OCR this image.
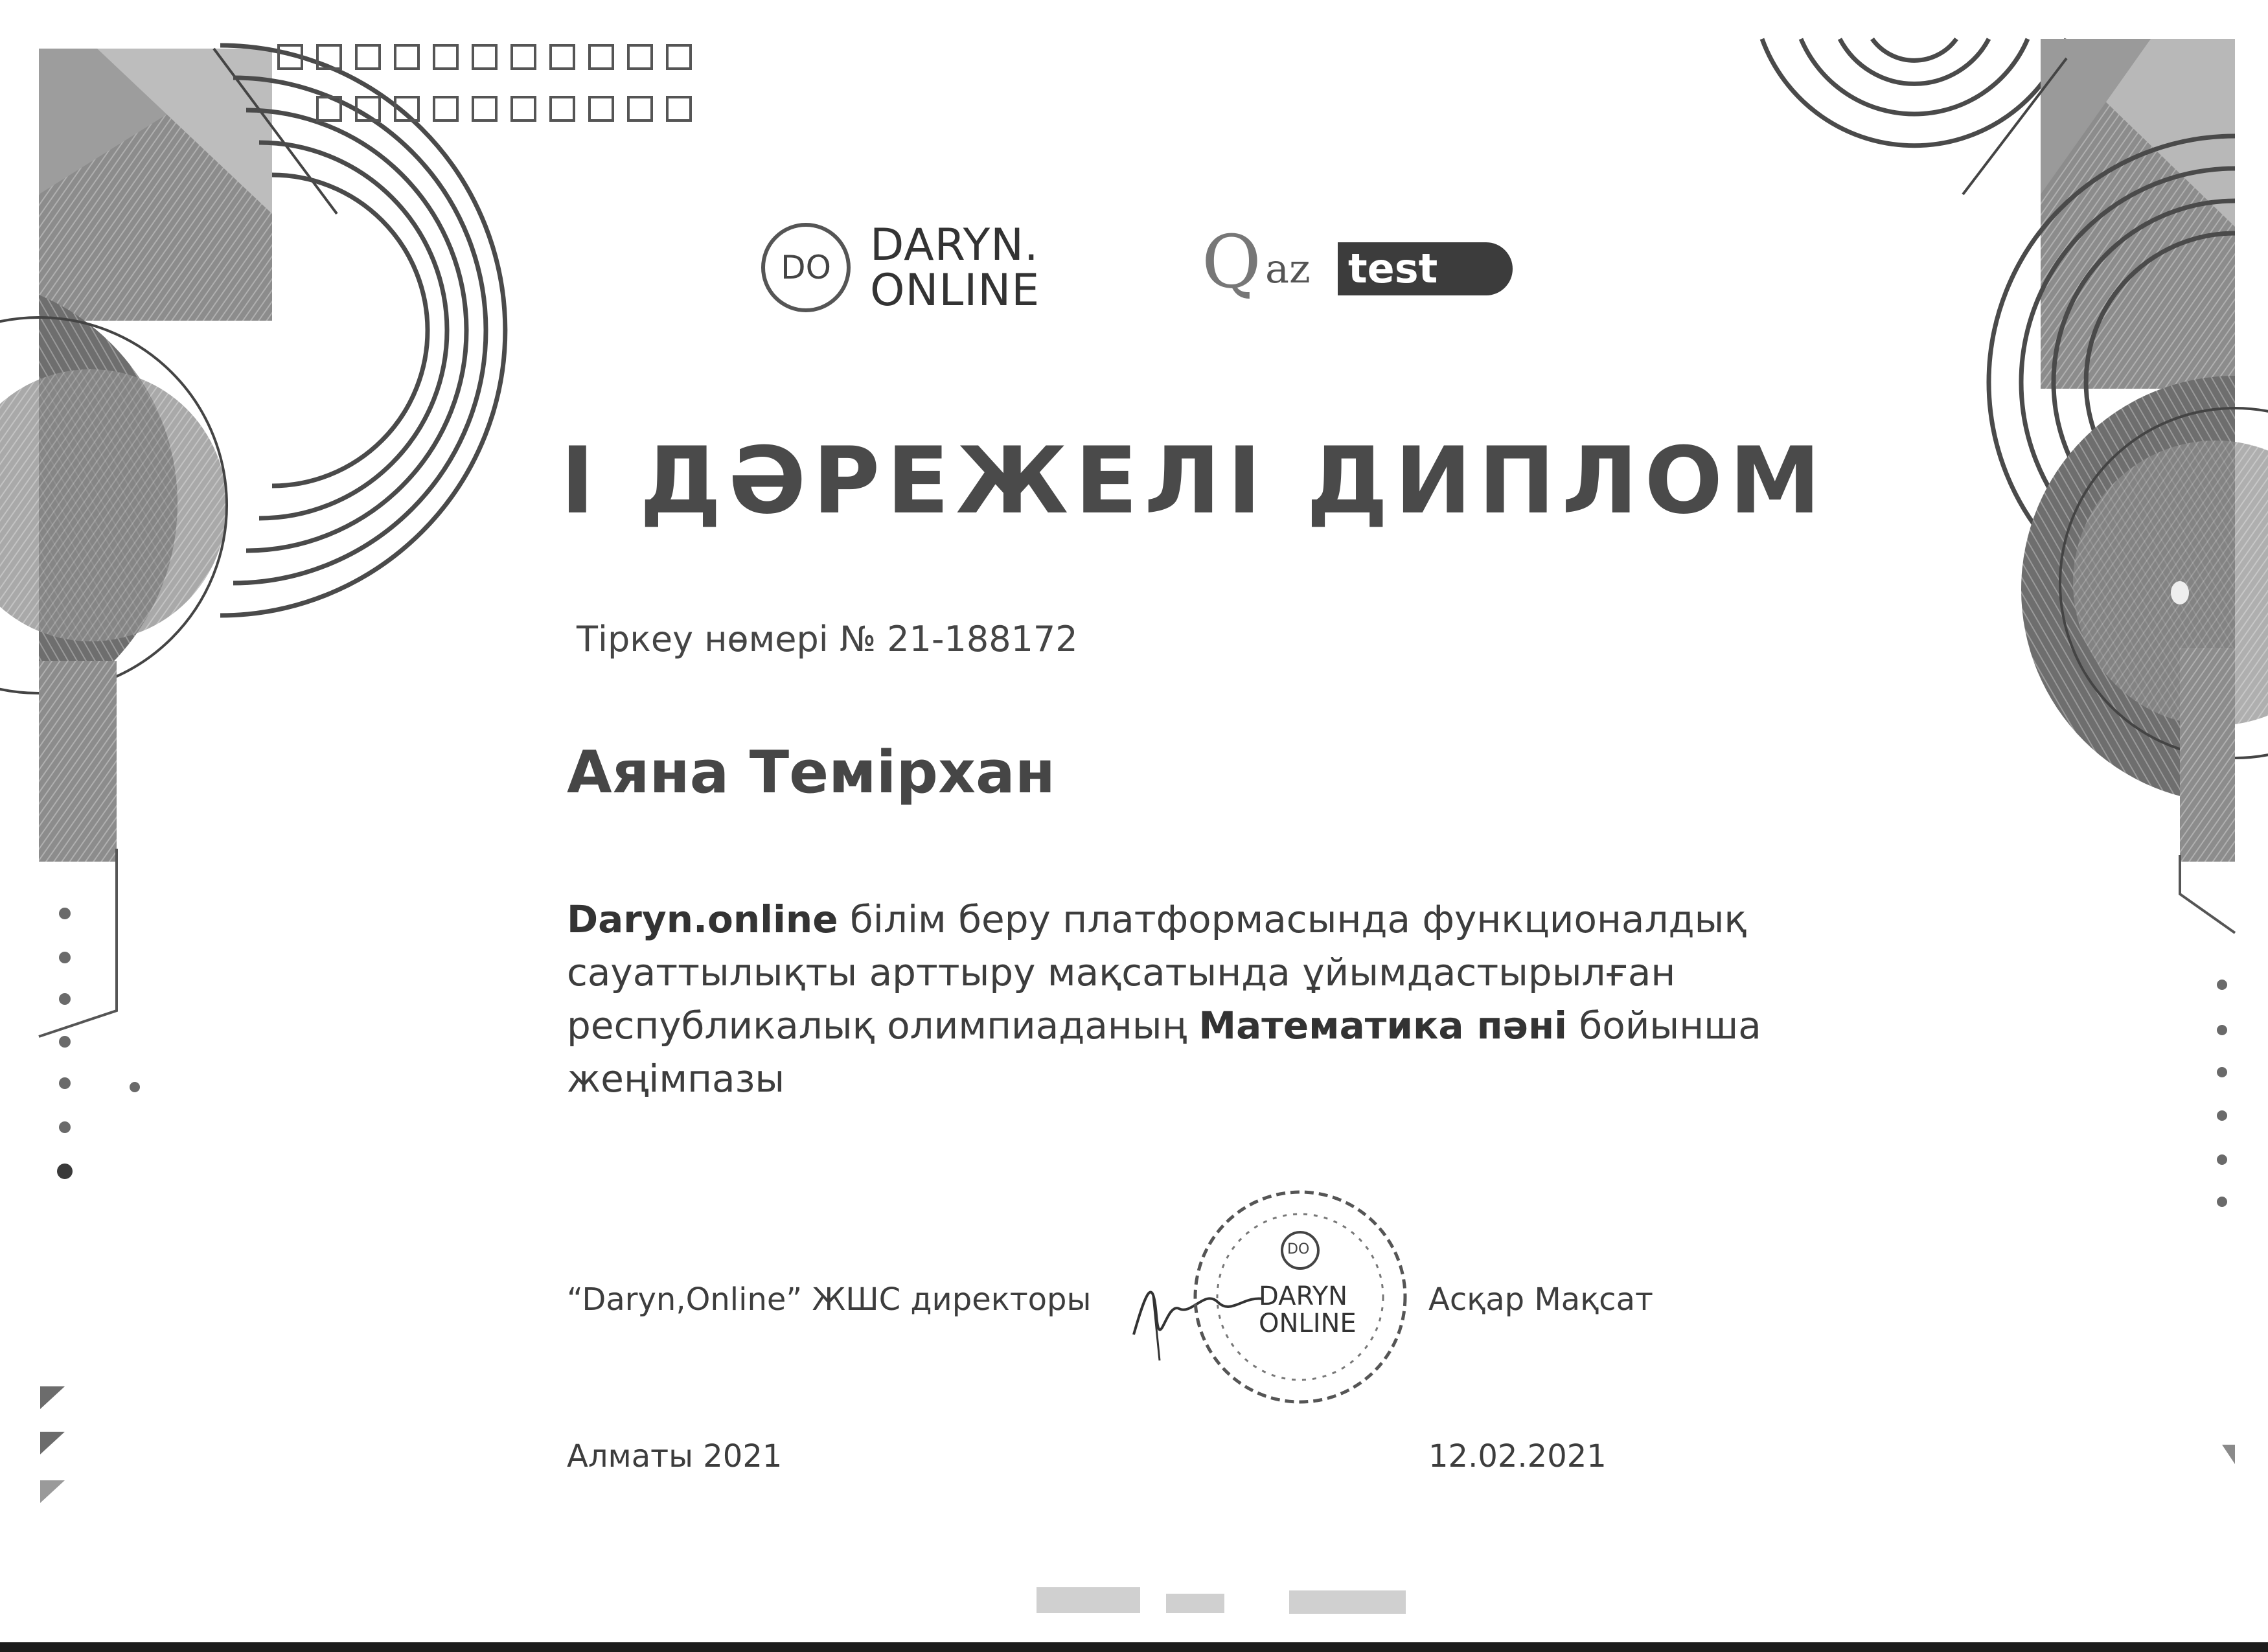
DO DARYN.
ONLINE Q az test
I ДӘРЕЖЕЛІ ДИПЛОМ
Тіркеу нөмері № 21-188172
Аяна Темірхан
Daryn.online білім беру платформасында функционалдық сауаттылықты арттыру мақсатында ұйымдастырылған республикалық олимпиаданың Математика пәні бойынша жеңімпазы
“Daryn,Online” ЖШС директоры
DO
DARYN
ONLINE
Асқар Мақсат
Алматы 2021	12.02.2021
